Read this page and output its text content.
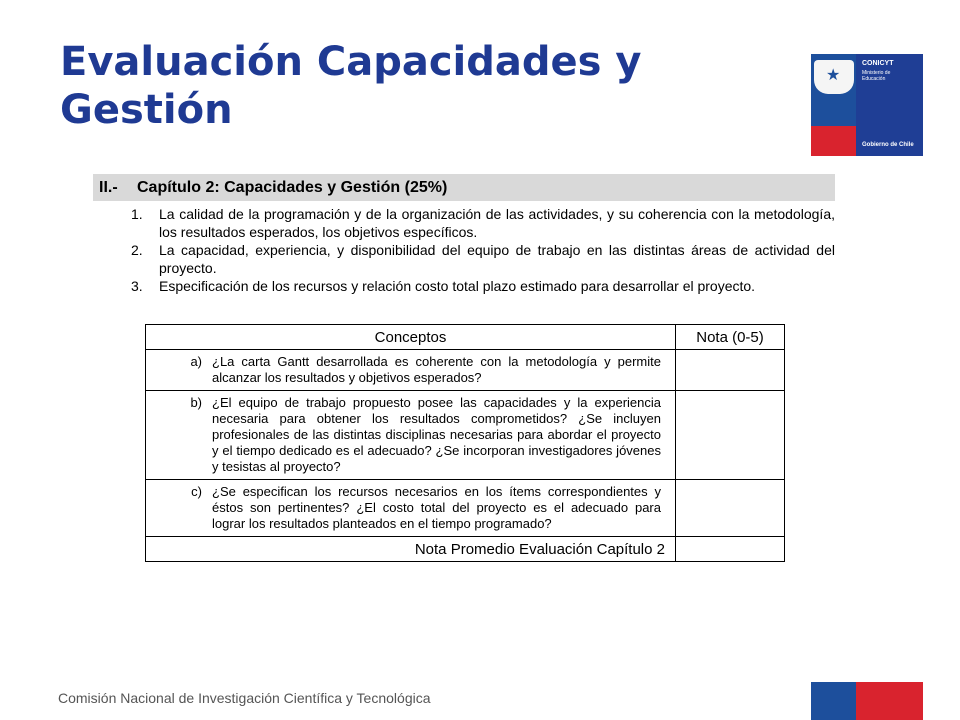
Evaluación Capacidades y
Gestión
★
CONICYT
Ministerio de
Educación
Gobierno de Chile
II.-	Capítulo 2: Capacidades y Gestión (25%)
1.	La calidad de la programación y de la organización de las actividades, y su coherencia con la metodología, los resultados esperados, los objetivos específicos.
2.	La capacidad, experiencia, y disponibilidad del equipo de trabajo en las distintas áreas de actividad del proyecto.
3.	Especificación de los recursos y relación costo total plazo estimado para desarrollar el proyecto.
Conceptos	Nota (0-5)

a) ¿La carta Gantt desarrollada es coherente con la metodología y permite alcanzar los resultados y objetivos esperados?	

b) ¿El equipo de trabajo propuesto posee las capacidades y la experiencia necesaria para obtener los resultados comprometidos? ¿Se incluyen profesionales de las distintas disciplinas necesarias para abordar el proyecto y el tiempo dedicado es el adecuado? ¿Se incorporan investigadores jóvenes y tesistas al proyecto?	

c) ¿Se especifican los recursos necesarios en los ítems correspondientes y éstos son pertinentes? ¿El costo total del proyecto es el adecuado para lograr los resultados planteados en el tiempo programado?	

Nota Promedio Evaluación Capítulo 2	
Comisión Nacional de Investigación Científica y Tecnológica
